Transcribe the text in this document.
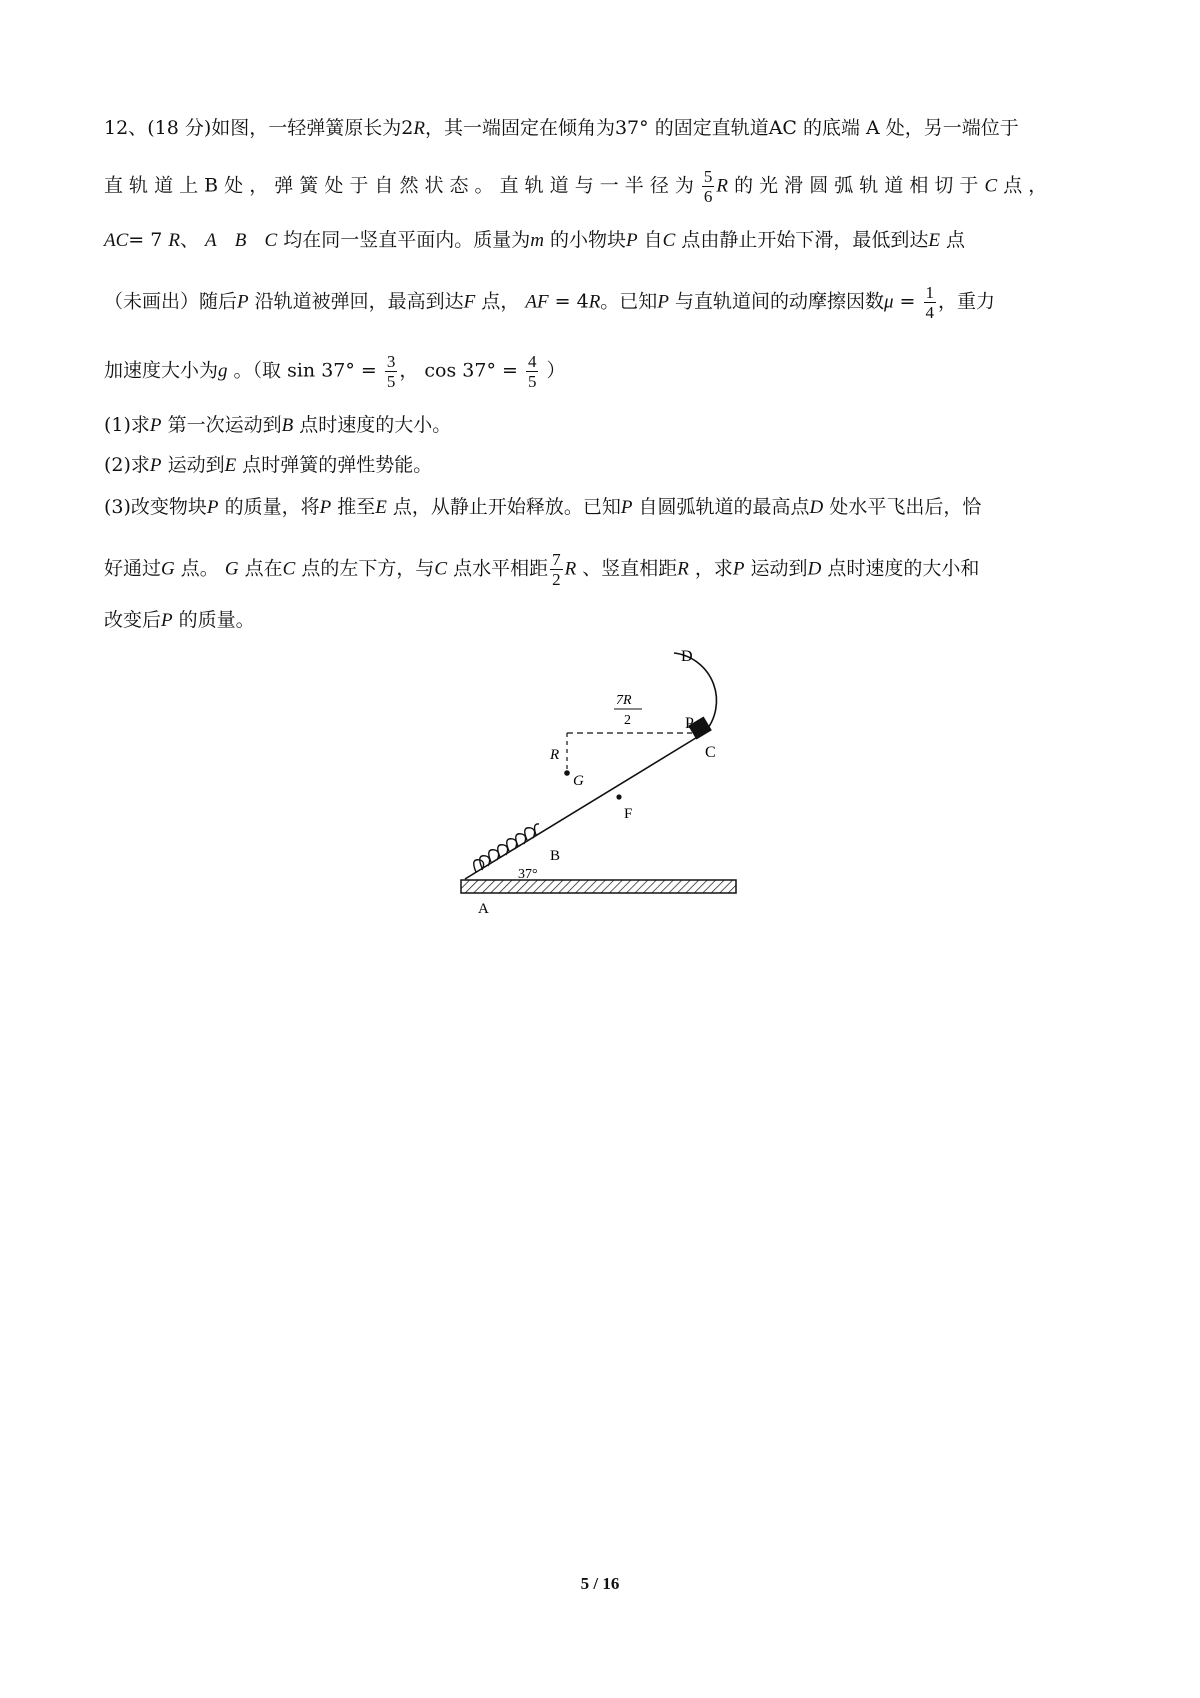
12、(18 分)如图，一轻弹簧原长为2R，其一端固定在倾角为37° 的固定直轨道AC 的底端 A 处，另一端位于
直 轨 道 上 B 处 ， 弹 簧 处 于 自 然 状 态 。 直 轨 道 与 一 半 径 为 $\frac{5}{6}$ R 的 光 滑 圆 弧 轨 道 相 切 于 C 点 ，
AC= 7 R、 A B C 均在同一竖直平面内。质量为m 的小物块P 自C 点由静止开始下滑，最低到达E 点
（未画出）随后P 沿轨道被弹回，最高到达F 点， AF = 4R。已知P 与直轨道间的动摩擦因数$\mu = \frac{1}{4}$ ，重力
加速度大小为g 。（取 $\sin 37^\circ = \frac{3}{5}$ ， $\cos 37^\circ = \frac{4}{5}$ ）
(1)求P 第一次运动到B 点时速度的大小。
(2)求P 运动到E 点时弹簧的弹性势能。
(3)改变物块P 的质量，将P 推至E 点，从静止开始释放。已知P 自圆弧轨道的最高点D 处水平飞出后，恰
好通过G 点。 G 点在C 点的左下方，与C 点水平相距 $\frac{7}{2}$ R 、竖直相距R ，求P 运动到D 点时速度的大小和
改变后P 的质量。
D
7R
2	P
C
R
G
F
B
37°
A
5 / 16
